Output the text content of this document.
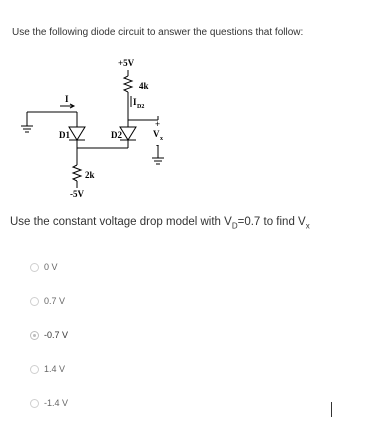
Use the following diode circuit to answer the questions that follow:
+5V
4k
I D2
I
D1	D2
+
V x
-
2k
-5V
Use the constant voltage drop model with $V_D=0.7$ to find $V_x$
0 V
0.7 V
-0.7 V
1.4 V
-1.4 V
